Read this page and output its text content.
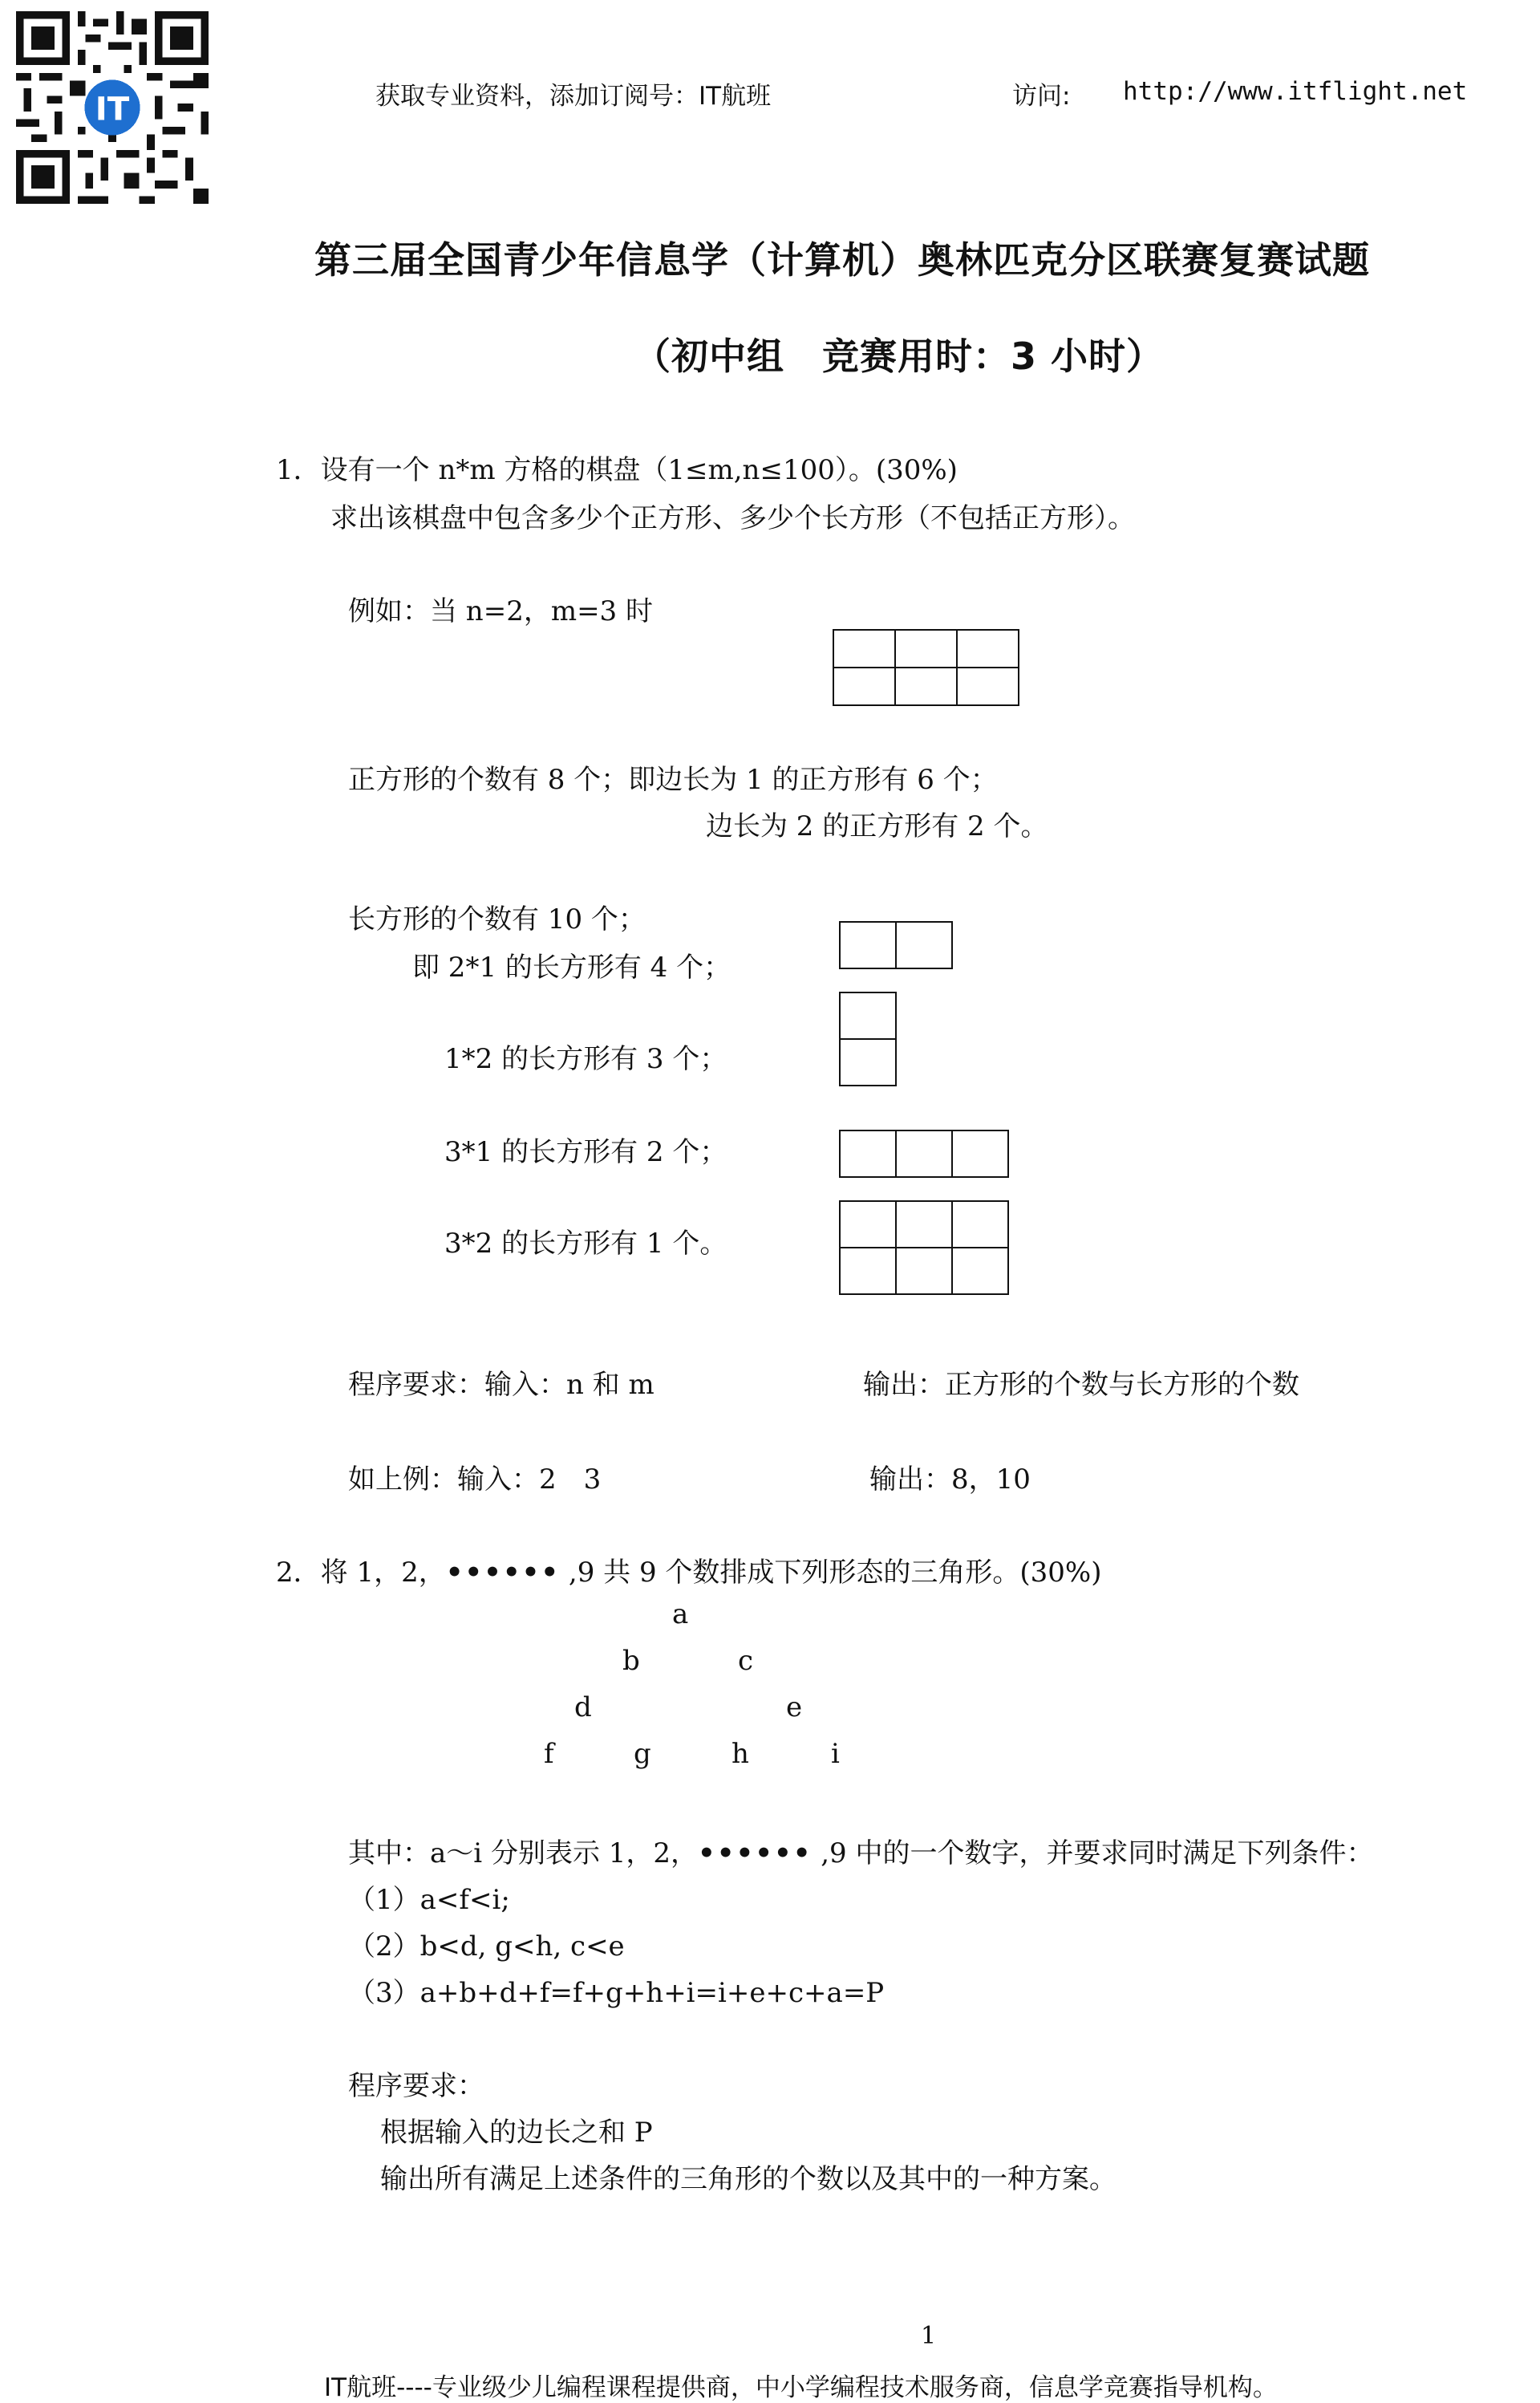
IT	获取专业资料，添加订阅号：IT航班	访问: http://www.itflight.net
第三届全国青少年信息学（计算机）奥林匹克分区联赛复赛试题
（初中组　竞赛用时：3 小时）
1．设有一个 n*m 方格的棋盘（1≤m,n≤100）。(30%)
求出该棋盘中包含多少个正方形、多少个长方形（不包括正方形）。
例如：当 n=2，m=3 时

正方形的个数有 8 个；即边长为 1 的正方形有 6 个；
边长为 2 的正方形有 2 个。
长方形的个数有 10 个；
即 2*1 的长方形有 4 个；

1*2 的长方形有 3 个；

3*1 的长方形有 2 个；

3*2 的长方形有 1 个。

程序要求：输入：n 和 m	输出：正方形的个数与长方形的个数
如上例：输入：2　3	输出：8，10
2．将 1，2，•••••• ,9 共 9 个数排成下列形态的三角形。(30%)
a
b	c
d	e
f	g	h	i
其中：a～i 分别表示 1，2，•••••• ,9 中的一个数字，并要求同时满足下列条件：
（1）a<f<i;
（2）b<d, g<h, c<e
（3）a+b+d+f=f+g+h+i=i+e+c+a=P
程序要求：
根据输入的边长之和 P
输出所有满足上述条件的三角形的个数以及其中的一种方案。
1
IT航班----专业级少儿编程课程提供商，中小学编程技术服务商，信息学竞赛指导机构。
